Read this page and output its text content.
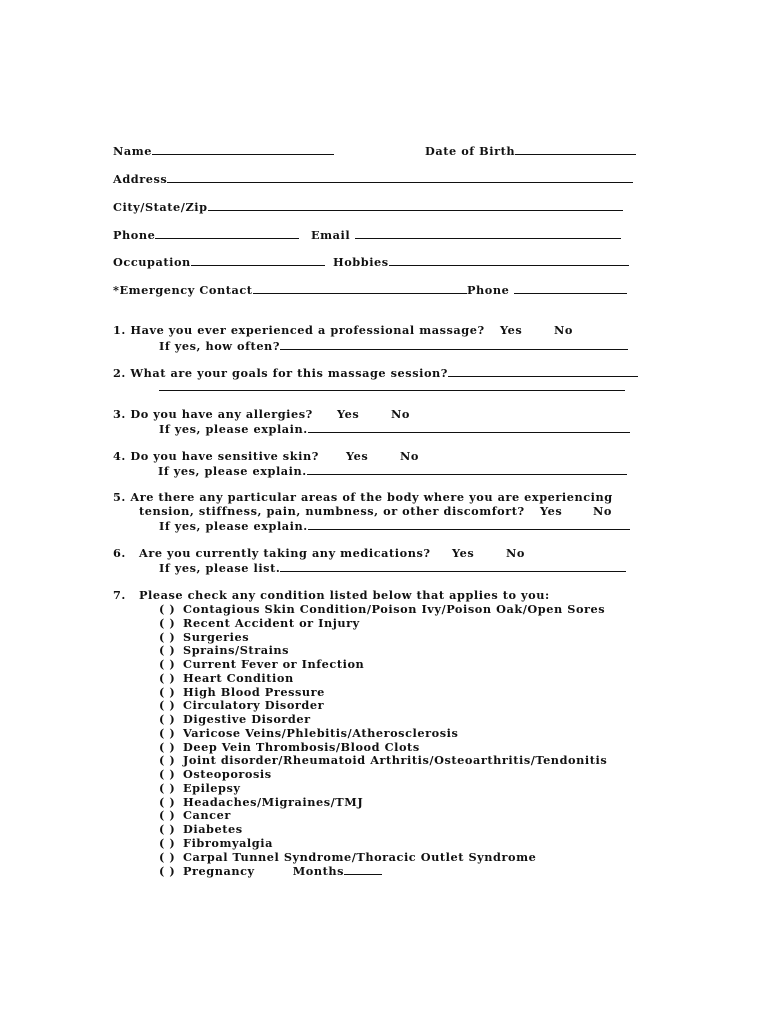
Name	Date of Birth
Address
City/State/Zip
Phone	Email
Occupation	Hobbies
*Emergency Contact	Phone
1. Have you ever experienced a professional massage? Yes	No
If yes, how often?
2. What are your goals for this massage session?
3. Do you have any allergies? Yes	No
If yes, please explain.
4. Do you have sensitive skin? Yes	No
If yes, please explain.
5. Are there any particular areas of the body where you are experiencing
tension, stiffness, pain, numbness, or other discomfort? Yes	No
If yes, please explain.
6. Are you currently taking any medications? Yes	No
If yes, please list.
7. Please check any condition listed below that applies to you:
( ) Contagious Skin Condition/Poison Ivy/Poison Oak/Open Sores
( ) Recent Accident or Injury
( ) Surgeries
( ) Sprains/Strains
( ) Current Fever or Infection
( ) Heart Condition
( ) High Blood Pressure
( ) Circulatory Disorder
( ) Digestive Disorder
( ) Varicose Veins/Phlebitis/Atherosclerosis
( ) Deep Vein Thrombosis/Blood Clots
( ) Joint disorder/Rheumatoid Arthritis/Osteoarthritis/Tendonitis
( ) Osteoporosis
( ) Epilepsy
( ) Headaches/Migraines/TMJ
( ) Cancer
( ) Diabetes
( ) Fibromyalgia
( ) Carpal Tunnel Syndrome/Thoracic Outlet Syndrome
( ) Pregnancy	Months
